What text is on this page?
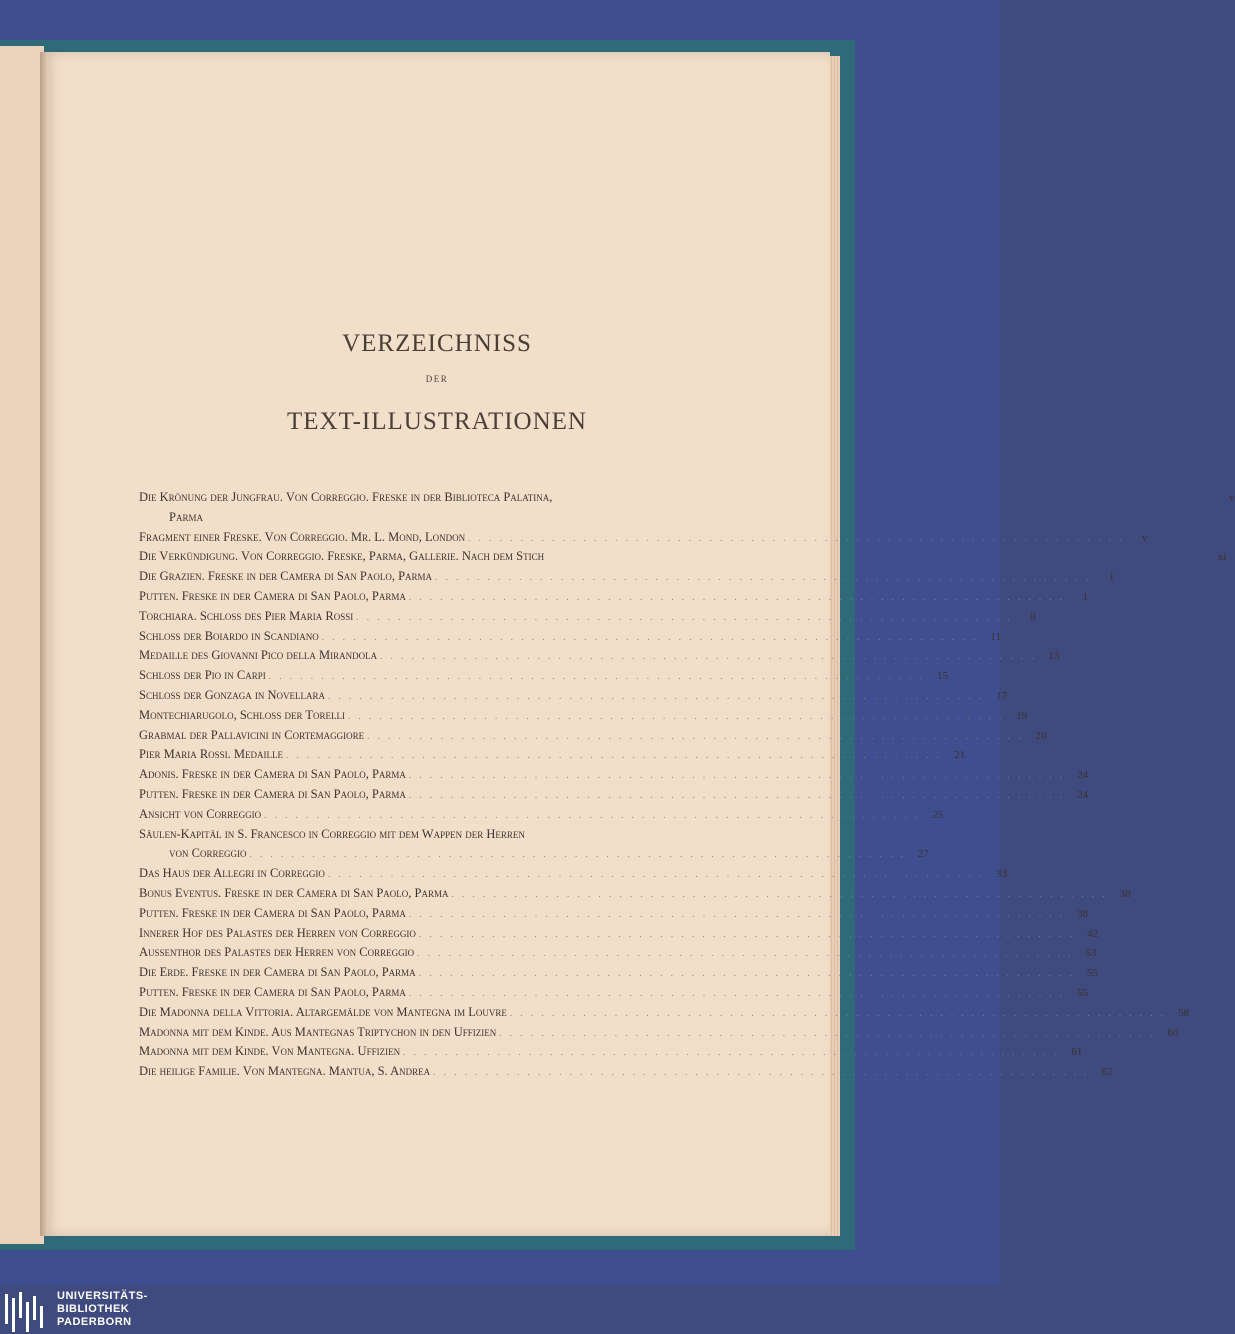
VERZEICHNISS
DER
TEXT-ILLUSTRATIONEN
Die Krönung der Jungfrau. Von Correggio. Freske in der Biblioteca Palatina,	v
Parma
Fragment einer Freske. Von Correggio. Mr. L. Mond, London . . .	v
Die Verkündigung. Von Correggio. Freske, Parma, Gallerie. Nach dem Stich	xi
Die Grazien. Freske in der Camera di San Paolo, Parma . . .	1
Putten. Freske in der Camera di San Paolo, Parma . . .	1
Torchiara. Schloss des Pier Maria Rossi . . .	8
Schloss der Boiardo in Scandiano . . .	11
Medaille des Giovanni Pico della Mirandola . . .	13
Schloss der Pio in Carpi . . .	15
Schloss der Gonzaga in Novellara . . .	17
Montechiarugolo, Schloss der Torelli . . .	19
Grabmal der Pallavicini in Cortemaggiore . . .	20
Pier Maria Rossi. Medaille . . .	21
Adonis. Freske in der Camera di San Paolo, Parma . . .	24
Putten. Freske in der Camera di San Paolo, Parma . . .	24
Ansicht von Correggio . . .	25
Säulen-Kapitäl in S. Francesco in Correggio mit dem Wappen der Herren
von Correggio . . .	27
Das Haus der Allegri in Correggio . . .	33
Bonus Eventus. Freske in der Camera di San Paolo, Parma . . .	38
Putten. Freske in der Camera di San Paolo, Parma . . .	38
Innerer Hof des Palastes der Herren von Correggio . . .	42
Aussenthor des Palastes der Herren von Correggio . . .	53
Die Erde. Freske in der Camera di San Paolo, Parma . . .	55
Putten. Freske in der Camera di San Paolo, Parma . . .	55
Die Madonna della Vittoria. Altargemälde von Mantegna im Louvre . . .	58
Madonna mit dem Kinde. Aus Mantegnas Triptychon in den Uffizien . . .	60
Madonna mit dem Kinde. Von Mantegna. Uffizien . . .	61
Die heilige Familie. Von Mantegna. Mantua, S. Andrea . . .	62
UNIVERSITÄTS-
BIBLIOTHEK
PADERBORN
